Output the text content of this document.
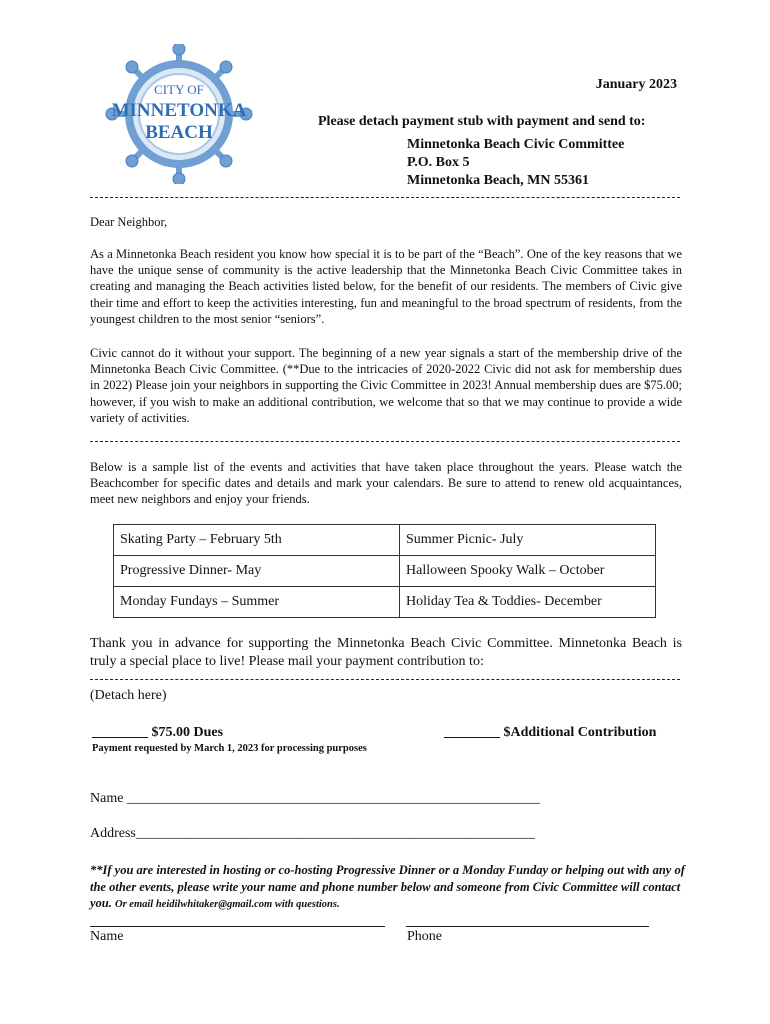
CITY OF
MINNETONKA
BEACH
January 2023
Please detach payment stub with payment and send to:
Minnetonka Beach Civic Committee
P.O. Box 5
Minnetonka Beach, MN 55361
Dear Neighbor,
As a Minnetonka Beach resident you know how special it is to be part of the “Beach”. One of the key reasons that we have the unique sense of community is the active leadership that the Minnetonka Beach Civic Committee takes in creating and managing the Beach activities listed below, for the benefit of our residents. The members of Civic give their time and effort to keep the activities interesting, fun and meaningful to the broad spectrum of residents, from the youngest children to the most senior “seniors”.
Civic cannot do it without your support. The beginning of a new year signals a start of the membership drive of the Minnetonka Beach Civic Committee. (**Due to the intricacies of 2020-2022 Civic did not ask for membership dues in 2022) Please join your neighbors in supporting the Civic Committee in 2023! Annual membership dues are $75.00; however, if you wish to make an additional contribution, we welcome that so that we may continue to provide a wide variety of activities.
Below is a sample list of the events and activities that have taken place throughout the years. Please watch the Beachcomber for specific dates and details and mark your calendars. Be sure to attend to renew old acquaintances, meet new neighbors and enjoy your friends.
Skating Party – February 5th	Summer Picnic- July
Progressive Dinner- May	Halloween Spooky Walk – October
Monday Fundays – Summer	Holiday Tea & Toddies- December
Thank you in advance for supporting the Minnetonka Beach Civic Committee. Minnetonka Beach is truly a special place to live! Please mail your payment contribution to:
(Detach here)
________ $75.00 Dues	________ $Additional Contribution
Payment requested by March 1, 2023 for processing purposes
Name ___________________________________________________________
Address_________________________________________________________
**If you are interested in hosting or co-hosting Progressive Dinner or a Monday Funday or helping out with any of the other events, please write your name and phone number below and someone from Civic Committee will contact you. Or email heidilwhitaker@gmail.com with questions.
Name	Phone
